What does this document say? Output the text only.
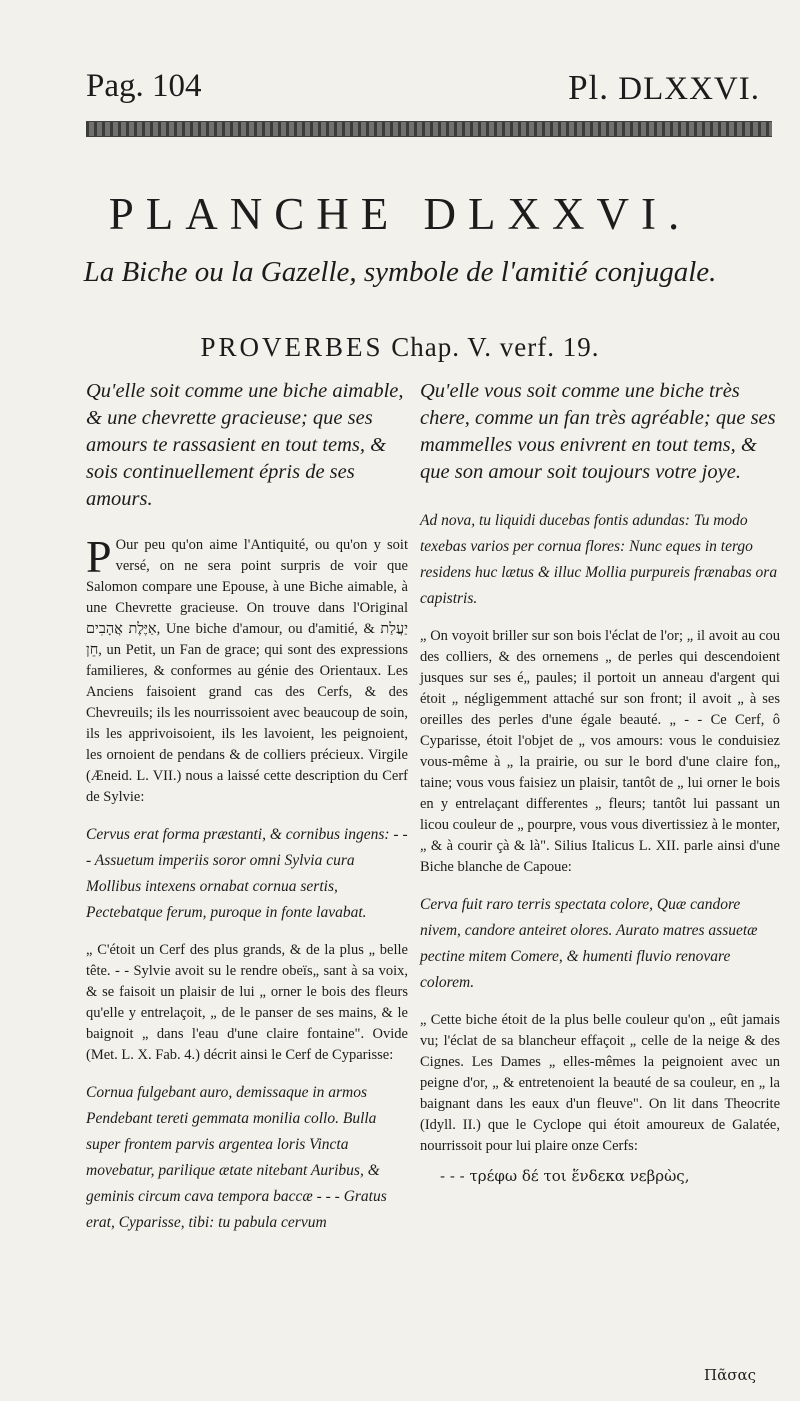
Pag. 104	Pl. DLXXVI.
PLANCHE DLXXVI.
La Biche ou la Gazelle, symbole de l'amitié conjugale.
PROVERBES Chap. V. verf. 19.

Qu'elle soit comme une biche aimable, & une chevrette gracieuse; que ses amours te rassasient en tout tems, & sois continuellement épris de ses amours.

P Our peu qu'on aime l'Antiquité, ou qu'on y soit versé, on ne sera point surpris de voir que Salomon compare une Epouse, à une Biche aimable, à une Chevrette gracieuse. On trouve dans l'Original אַיֶּלֶת אֲהָבִים, Une biche d'amour, ou d'amitié, & יַעֲלַת חֵן, un Petit, un Fan de grace; qui sont des expressions familieres, & conformes au génie des Orientaux. Les Anciens faisoient grand cas des Cerfs, & des Chevreuils; ils les nourrissoient avec beaucoup de soin, ils les apprivoisoient, ils les lavoient, les peignoient, les ornoient de pendans & de colliers précieux. Virgile (Æneid. L. VII.) nous a laissé cette description du Cerf de Sylvie:

Cervus erat forma præstanti, & cornibus ingens: - - - Assuetum imperiis soror omni Sylvia cura Mollibus intexens ornabat cornua sertis, Pectebatque ferum, puroque in fonte lavabat.

„ C'étoit un Cerf des plus grands, & de la plus „ belle tête. - - Sylvie avoit su le rendre obeïs„ sant à sa voix, & se faisoit un plaisir de lui „ orner le bois des fleurs qu'elle y entrelaçoit, „ de le panser de ses mains, & le baignoit „ dans l'eau d'une claire fontaine". Ovide (Met. L. X. Fab. 4.) décrit ainsi le Cerf de Cyparisse:

Cornua fulgebant auro, demissaque in armos Pendebant tereti gemmata monilia collo. Bulla super frontem parvis argentea loris Vincta movebatur, parilique ætate nitebant Auribus, & geminis circum cava tempora baccæ - - - Gratus erat, Cyparisse, tibi: tu pabula cervum

Qu'elle vous soit comme une biche très chere, comme un fan très agréable; que ses mammelles vous enivrent en tout tems, & que son amour soit toujours votre joye.

Ad nova, tu liquidi ducebas fontis adundas: Tu modo texebas varios per cornua flores: Nunc eques in tergo residens huc lætus & illuc Mollia purpureis frænabas ora capistris.

„ On voyoit briller sur son bois l'éclat de l'or; „ il avoit au cou des colliers, & des ornemens „ de perles qui descendoient jusques sur ses é„ paules; il portoit un anneau d'argent qui étoit „ négligemment attaché sur son front; il avoit „ à ses oreilles des perles d'une égale beauté. „ - - Ce Cerf, ô Cyparisse, étoit l'objet de „ vos amours: vous le conduisiez vous-même à „ la prairie, ou sur le bord d'une claire fon„ taine; vous vous faisiez un plaisir, tantôt de „ lui orner le bois en y entrelaçant differentes „ fleurs; tantôt lui passant un licou couleur de „ pourpre, vous vous divertissiez à le monter, „ & à courir çà & là". Silius Italicus L. XII. parle ainsi d'une Biche blanche de Capoue:

Cerva fuit raro terris spectata colore, Quæ candore nivem, candore anteiret olores. Aurato matres assuetæ pectine mitem Comere, & humenti fluvio renovare colorem.

„ Cette biche étoit de la plus belle couleur qu'on „ eût jamais vu; l'éclat de sa blancheur effaçoit „ celle de la neige & des Cignes. Les Dames „ elles-mêmes la peignoient avec un peigne d'or, „ & entretenoient la beauté de sa couleur, en „ la baignant dans les eaux d'un fleuve". On lit dans Theocrite (Idyll. II.) que le Cyclope qui étoit amoureux de Galatée, nourrissoit pour lui plaire onze Cerfs:

- - - τρέφω δέ τοι ἕνδεκα νεβρὼς,
Πᾶσας
